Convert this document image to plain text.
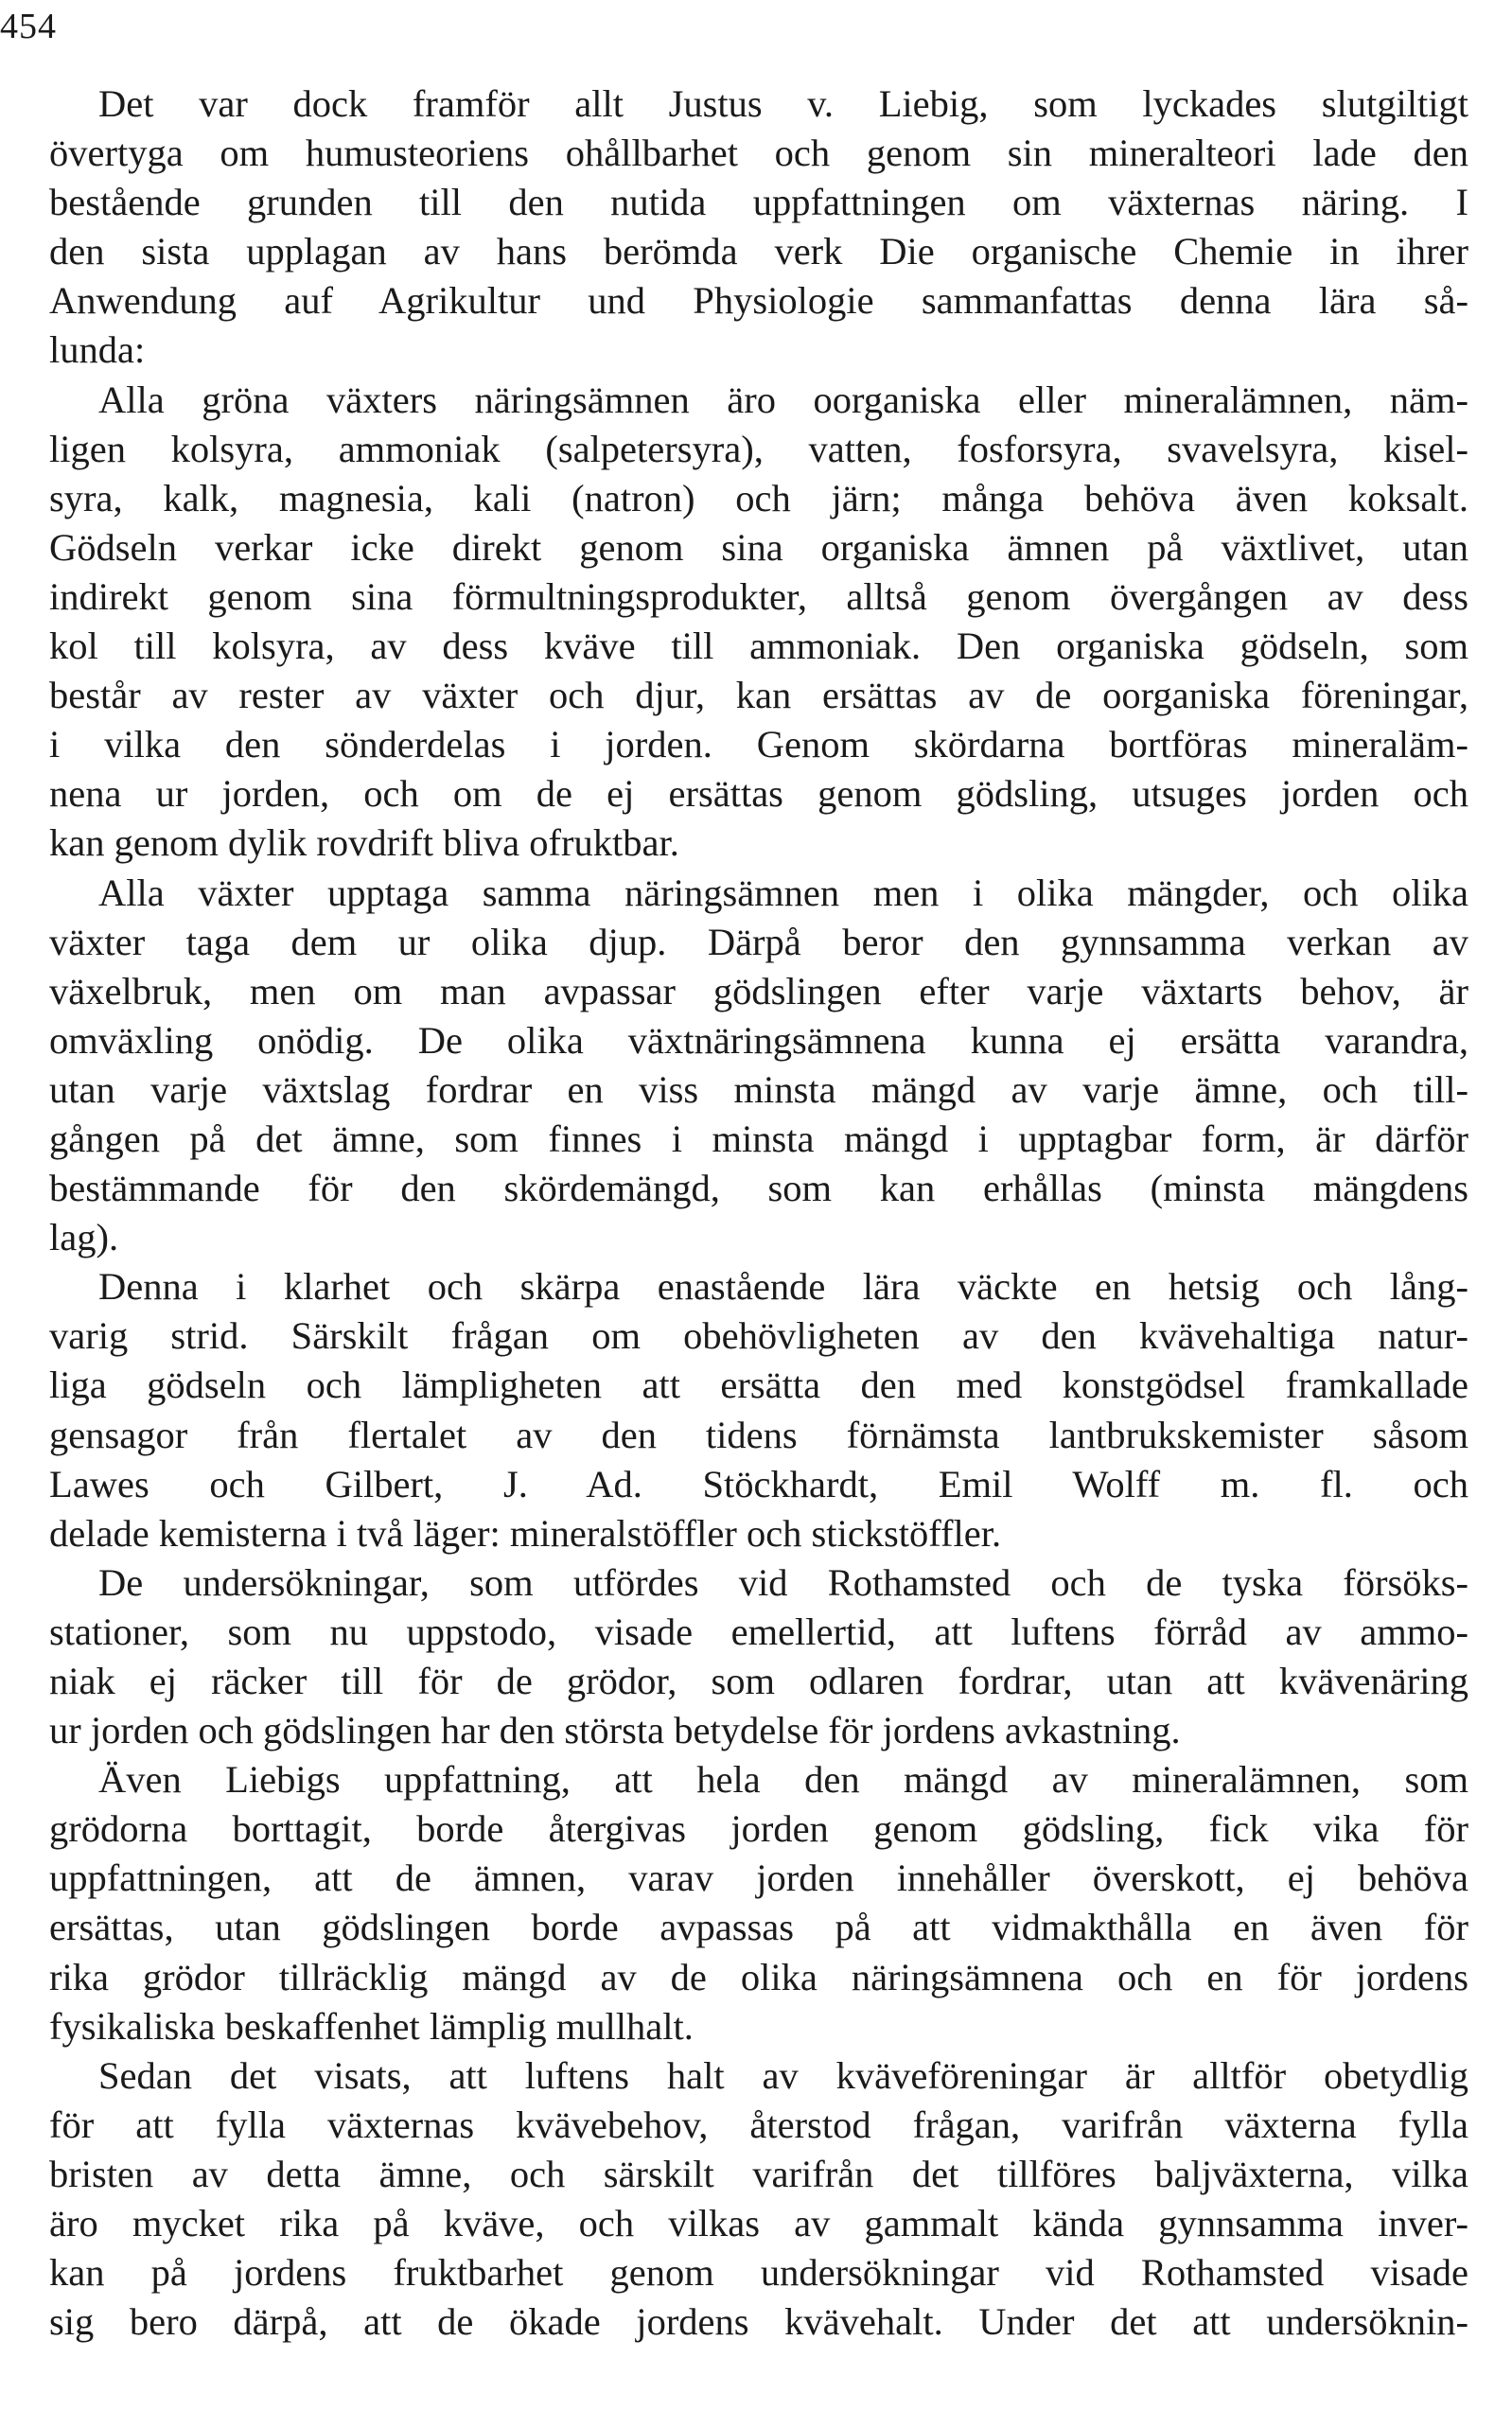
454
Det var dock framför allt Justus v. Liebig, som lyckades slutgiltigt
övertyga om humusteoriens ohållbarhet och genom sin mineralteori lade den
bestående grunden till den nutida uppfattningen om växternas näring. I
den sista upplagan av hans berömda verk Die organische Chemie in ihrer
Anwendung auf Agrikultur und Physiologie sammanfattas denna lära så-
lunda:
Alla gröna växters näringsämnen äro oorganiska eller mineralämnen, näm-
ligen kolsyra, ammoniak (salpetersyra), vatten, fosforsyra, svavelsyra, kisel-
syra, kalk, magnesia, kali (natron) och järn; många behöva även koksalt.
Gödseln verkar icke direkt genom sina organiska ämnen på växtlivet, utan
indirekt genom sina förmultningsprodukter, alltså genom övergången av dess
kol till kolsyra, av dess kväve till ammoniak. Den organiska gödseln, som
består av rester av växter och djur, kan ersättas av de oorganiska föreningar,
i vilka den sönderdelas i jorden. Genom skördarna bortföras mineraläm-
nena ur jorden, och om de ej ersättas genom gödsling, utsuges jorden och
kan genom dylik rovdrift bliva ofruktbar.
Alla växter upptaga samma näringsämnen men i olika mängder, och olika
växter taga dem ur olika djup. Därpå beror den gynnsamma verkan av
växelbruk, men om man avpassar gödslingen efter varje växtarts behov, är
omväxling onödig. De olika växtnäringsämnena kunna ej ersätta varandra,
utan varje växtslag fordrar en viss minsta mängd av varje ämne, och till-
gången på det ämne, som finnes i minsta mängd i upptagbar form, är därför
bestämmande för den skördemängd, som kan erhållas (minsta mängdens
lag).
Denna i klarhet och skärpa enastående lära väckte en hetsig och lång-
varig strid. Särskilt frågan om obehövligheten av den kvävehaltiga natur-
liga gödseln och lämpligheten att ersätta den med konstgödsel framkallade
gensagor från flertalet av den tidens förnämsta lantbrukskemister såsom
Lawes och Gilbert, J. Ad. Stöckhardt, Emil Wolff m. fl. och
delade kemisterna i två läger: mineralstöffler och stickstöffler.
De undersökningar, som utfördes vid Rothamsted och de tyska försöks-
stationer, som nu uppstodo, visade emellertid, att luftens förråd av ammo-
niak ej räcker till för de grödor, som odlaren fordrar, utan att kvävenäring
ur jorden och gödslingen har den största betydelse för jordens avkastning.
Även Liebigs uppfattning, att hela den mängd av mineralämnen, som
grödorna borttagit, borde återgivas jorden genom gödsling, fick vika för
uppfattningen, att de ämnen, varav jorden innehåller överskott, ej behöva
ersättas, utan gödslingen borde avpassas på att vidmakthålla en även för
rika grödor tillräcklig mängd av de olika näringsämnena och en för jordens
fysikaliska beskaffenhet lämplig mullhalt.
Sedan det visats, att luftens halt av kväveföreningar är alltför obetydlig
för att fylla växternas kvävebehov, återstod frågan, varifrån växterna fylla
bristen av detta ämne, och särskilt varifrån det tillföres baljväxterna, vilka
äro mycket rika på kväve, och vilkas av gammalt kända gynnsamma inver-
kan på jordens fruktbarhet genom undersökningar vid Rothamsted visade
sig bero därpå, att de ökade jordens kvävehalt. Under det att undersöknin-
